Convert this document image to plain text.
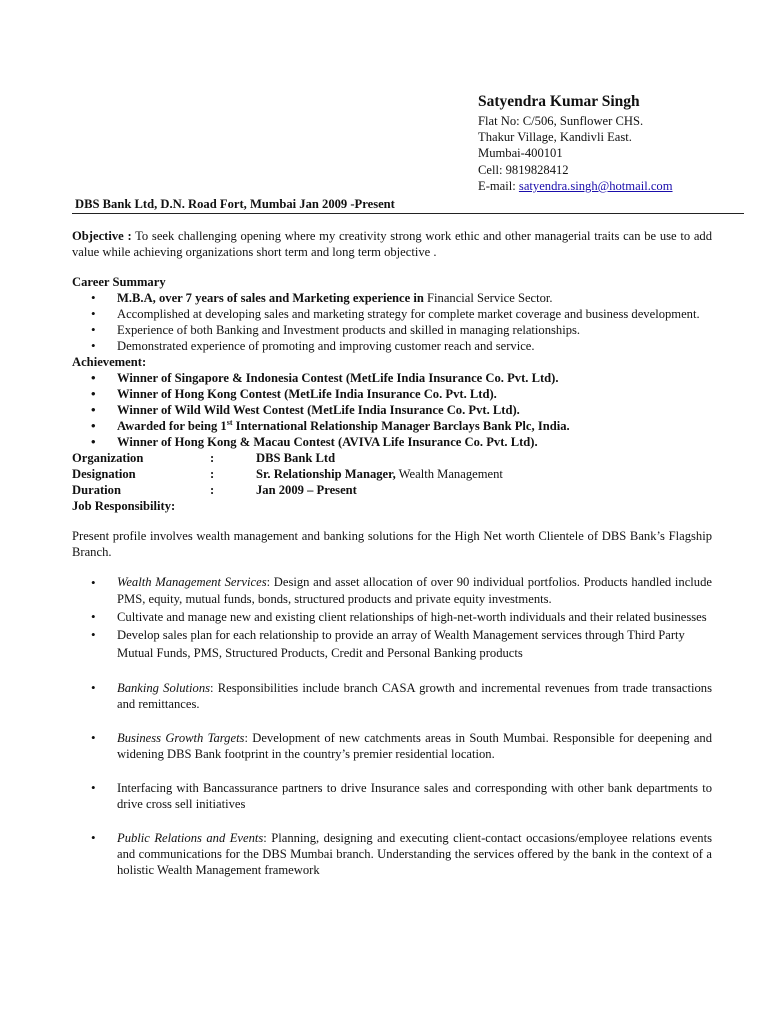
Satyendra Kumar Singh
Flat No: C/506, Sunflower CHS.
Thakur Village, Kandivli East.
Mumbai-400101
Cell: 9819828412
E-mail: satyendra.singh@hotmail.com
DBS Bank Ltd, D.N. Road Fort, Mumbai Jan 2009 -Present
Objective : To seek challenging opening where my creativity strong work ethic and other managerial traits can be use to add value while achieving organizations short term and long term objective .
Career Summary
• M.B.A, over 7 years of sales and Marketing experience in Financial Service Sector.
• Accomplished at developing sales and marketing strategy for complete market coverage and business development.
• Experience of both Banking and Investment products and skilled in managing relationships.
• Demonstrated experience of promoting and improving customer reach and service.
Achievement:
• Winner of Singapore & Indonesia Contest (MetLife India Insurance Co. Pvt. Ltd).
• Winner of Hong Kong Contest (MetLife India Insurance Co. Pvt. Ltd).
• Winner of Wild Wild West Contest (MetLife India Insurance Co. Pvt. Ltd).
• Awarded for being 1st International Relationship Manager Barclays Bank Plc, India.
• Winner of Hong Kong & Macau Contest (AVIVA Life Insurance Co. Pvt. Ltd).
Organization	:	DBS Bank Ltd
Designation	:	Sr. Relationship Manager, Wealth Management
Duration	:	Jan 2009 – Present
Job Responsibility:
Present profile involves wealth management and banking solutions for the High Net worth Clientele of DBS Bank’s Flagship Branch.
• Wealth Management Services: Design and asset allocation of over 90 individual portfolios. Products handled include PMS, equity, mutual funds, bonds, structured products and private equity investments.
• Cultivate and manage new and existing client relationships of high-net-worth individuals and their related businesses
• Develop sales plan for each relationship to provide an array of Wealth Management services through Third Party Mutual Funds, PMS, Structured Products, Credit and Personal Banking products
• Banking Solutions: Responsibilities include branch CASA growth and incremental revenues from trade transactions and remittances.
• Business Growth Targets: Development of new catchments areas in South Mumbai. Responsible for deepening and widening DBS Bank footprint in the country’s premier residential location.
• Interfacing with Bancassurance partners to drive Insurance sales and corresponding with other bank departments to drive cross sell initiatives
• Public Relations and Events: Planning, designing and executing client-contact occasions/employee relations events and communications for the DBS Mumbai branch. Understanding the services offered by the bank in the context of a holistic Wealth Management framework
